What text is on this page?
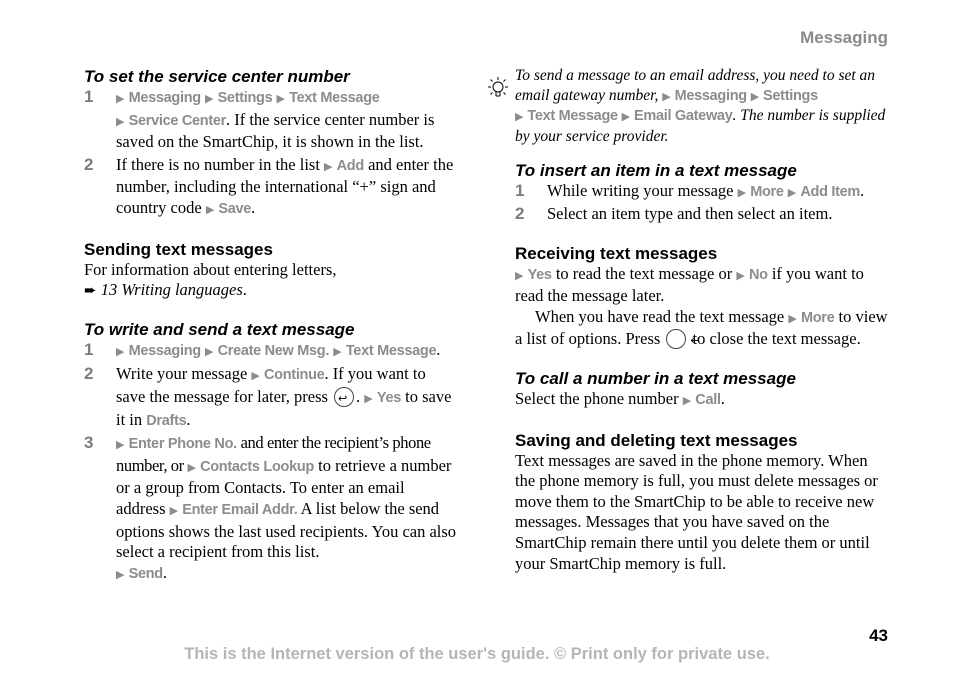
Messaging
To set the service center number
1	▶ Messaging ▶ Settings ▶ Text Message
▶ Service Center. If the service center number is saved on the SmartChip, it is shown in the list.
2	If there is no number in the list ▶ Add and enter the number, including the international “+” sign and country code ▶ Save.
Sending text messages
For information about entering letters,
➨ 13 Writing languages.
To write and send a text message
1	▶ Messaging ▶ Create New Msg. ▶ Text Message.
2	Write your message ▶ Continue. If you want to save the message for later, press ↩. ▶ Yes to save it in Drafts.
3	▶ Enter Phone No. and enter the recipient’s phone number, or ▶ Contacts Lookup to retrieve a number or a group from Contacts. To enter an email address ▶ Enter Email Addr. A list below the send options shows the last used recipients. You can also select a recipient from this list.
▶ Send.
To send a message to an email address, you need to set an email gateway number, ▶ Messaging ▶ Settings
▶ Text Message ▶ Email Gateway. The number is supplied by your service provider.
To insert an item in a text message
1	While writing your message ▶ More ▶ Add Item.
2	Select an item type and then select an item.
Receiving text messages
▶ Yes to read the text message or ▶ No if you want to read the message later.
When you have read the text message ▶ More to view a list of options. Press ↩ to close the text message.
To call a number in a text message
Select the phone number ▶ Call.
Saving and deleting text messages
Text messages are saved in the phone memory. When the phone memory is full, you must delete messages or move them to the SmartChip to be able to receive new messages. Messages that you have saved on the SmartChip remain there until you delete them or until your SmartChip memory is full.
43
This is the Internet version of the user's guide. © Print only for private use.
